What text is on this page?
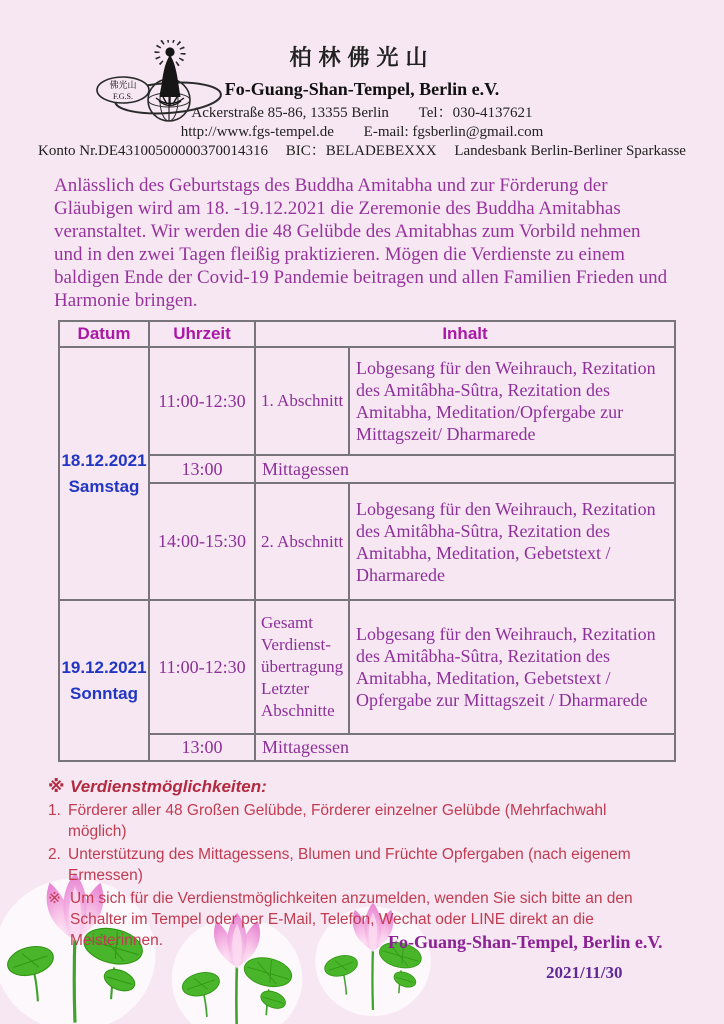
佛光山
F.G.S.
柏林佛光山
Fo-Guang-Shan-Tempel, Berlin e.V.
Ackerstraße 85-86, 13355 Berlin Tel：030-4137621
http://www.fgs-tempel.de E-mail: fgsberlin@gmail.com
Konto Nr.DE43100500000370014316 BIC：BELADEBEXXX Landesbank Berlin-Berliner Sparkasse

Anlässlich des Geburtstags des Buddha Amitabha und zur Förderung der Gläubigen wird am 18. -19.12.2021 die Zeremonie des Buddha Amitabhas veranstaltet. Wir werden die 48 Gelübde des Amitabhas zum Vorbild nehmen und in den zwei Tagen fleißig praktizieren. Mögen die Verdienste zu einem baldigen Ende der Covid-19 Pandemie beitragen und allen Familien Frieden und Harmonie bringen.

Datum	Uhrzeit	Inhalt	

18.12.2021
Samstag	11:00-12:30	1. Abschnitt	Lobgesang für den Weihrauch, Rezitation des Amitâbha-Sûtra, Rezitation des Amitabha, Meditation/Opfergabe zur Mittagszeit/ Dharmarede
	13:00	Mittagessen	
	14:00-15:30	2. Abschnitt	Lobgesang für den Weihrauch, Rezitation des Amitâbha-Sûtra, Rezitation des Amitabha, Meditation, Gebetstext / Dharmarede

19.12.2021
Sonntag	11:00-12:30	Gesamt Verdienst-übertragung Letzter Abschnitte	Lobgesang für den Weihrauch, Rezitation des Amitâbha-Sûtra, Rezitation des Amitabha, Meditation, Gebetstext / Opfergabe zur Mittagszeit / Dharmarede
	13:00	Mittagessen	
※ Verdienstmöglichkeiten:
1. Förderer aller 48 Großen Gelübde, Förderer einzelner Gelübde (Mehrfachwahl möglich)
2. Unterstützung des Mittagessens, Blumen und Früchte Opfergaben (nach eigenem Ermessen)
※ Um sich für die Verdienstmöglichkeiten anzumelden, wenden Sie sich bitte an den Schalter im Tempel oder per E-Mail, Telefon, Wechat oder LINE direkt an die Meisterinnen.	Fo-Guang-Shan-Tempel, Berlin e.V.
2021/11/30
